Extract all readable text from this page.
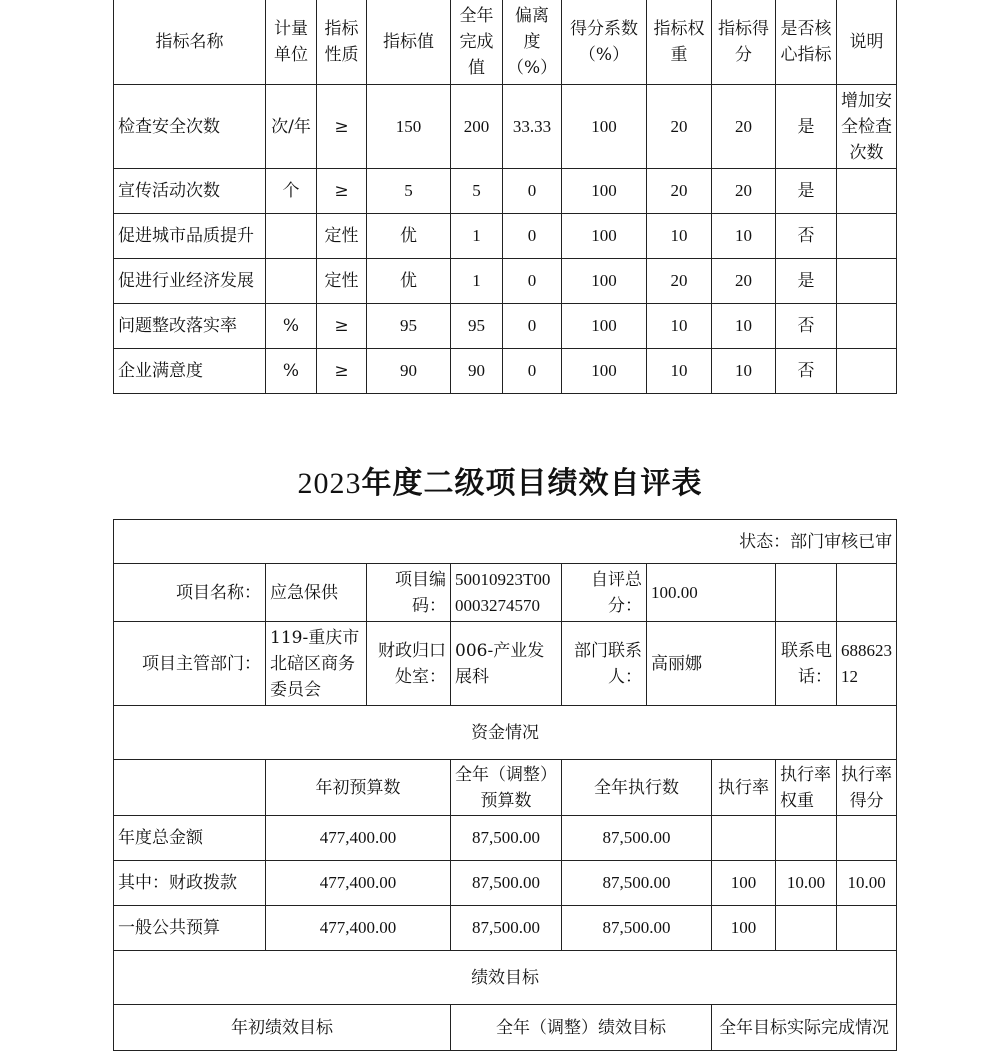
指标名称	计量单位	指标性质	指标值	全年完成值	偏离度（%）	得分系数（%）	指标权重	指标得分	是否核心指标	说明
检查安全次数	次/年	≥	150	200	33.33	100	20	20	是	增加安全检查次数
宣传活动次数	个	≥	5	5	0	100	20	20	是	
促进城市品质提升		定性	优	1	0	100	10	10	否	
促进行业经济发展		定性	优	1	0	100	20	20	是	
问题整改落实率	%	≥	95	95	0	100	10	10	否	
企业满意度	%	≥	90	90	0	100	10	10	否	
2023年度二级项目绩效自评表
状态：部门审核已审								
项目名称：	应急保供	项目编码：	50010923T000003274570	自评总分：	100.00			
项目主管部门：	119-重庆市北碚区商务委员会	财政归口处室：	006-产业发展科	部门联系人：	高丽娜		联系电话：	68862312
资金情况								
	年初预算数		全年（调整）预算数	全年执行数		执行率	执行率权重	执行率得分
年度总金额	477,400.00		87,500.00	87,500.00				
其中：财政拨款	477,400.00		87,500.00	87,500.00		100	10.00	10.00
一般公共预算	477,400.00		87,500.00	87,500.00		100		
绩效目标								
年初绩效目标			全年（调整）绩效目标			全年目标实际完成情况		
